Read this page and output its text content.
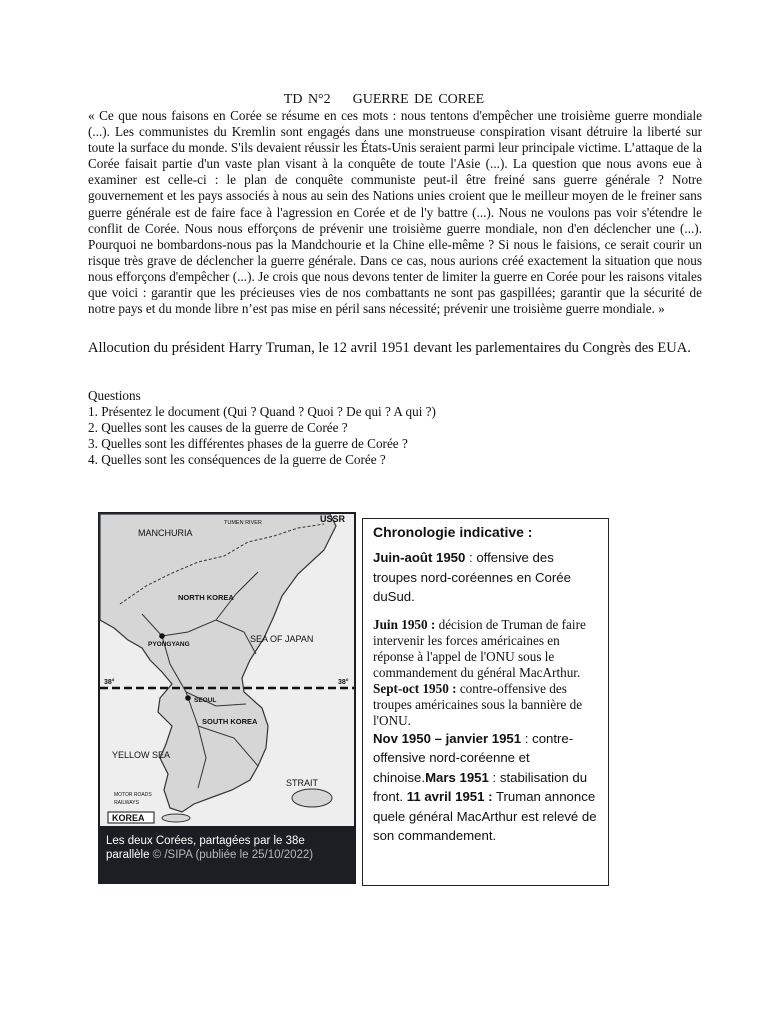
TD N°2    GUERRE DE COREE

« Ce que nous faisons en Corée se résume en ces mots : nous tentons d'empêcher une troisième guerre mondiale (...). Les communistes du Kremlin sont engagés dans une monstrueuse conspiration visant détruire la liberté sur toute la surface du monde. S'ils devaient réussir les États-Unis seraient parmi leur principale victime. L’attaque de la Corée faisait partie d'un vaste plan visant à la conquête de toute l'Asie (...). La question que nous avons eue à examiner est celle-ci : le plan de conquête communiste peut-il être freiné sans guerre générale ? Notre gouvernement et les pays associés à nous au sein des Nations unies croient que le meilleur moyen de le freiner sans guerre générale est de faire face à l'agression en Corée et de l'y battre (...). Nous ne voulons pas voir s'étendre le conflit de Corée. Nous nous efforçons de prévenir une troisième guerre mondiale, non d'en déclencher une (...). Pourquoi ne bombardons-nous pas la Mandchourie et la Chine elle-même ? Si nous le faisions, ce serait courir un risque très grave de déclencher la guerre générale. Dans ce cas, nous aurions créé exactement la situation que nous nous efforçons d'empêcher (...). Je crois que nous devons tenter de limiter la guerre en Corée pour les raisons vitales que voici : garantir que les précieuses vies de nos combattants ne sont pas gaspillées; garantir que la sécurité de notre pays et du monde libre n’est pas mise en péril sans nécessité; prévenir une troisième guerre mondiale. »

Allocution du président Harry Truman, le 12 avril 1951 devant les parlementaires du Congrès des EUA.

Questions
1. Présentez le document (Qui ? Quand ? Quoi ? De qui ? A qui ?)
2. Quelles sont les causes de la guerre de Corée ?
3. Quelles sont les différentes phases de la guerre de Corée ?
4. Quelles sont les conséquences de la guerre de Corée ?
MANCHURIA
TUMEN RIVER	USSR
NORTH KOREA
PYONGYANG
SEA OF JAPAN
38°	38°
SEOUL
SOUTH KOREA
YELLOW SEA
STRAIT
MOTOR ROADS
RAILWAYS
KOREA
Les deux Corées, partagées par le 38e parallèle © /SIPA (publiée le 25/10/2022)
Chronologie indicative :

Juin-août 1950 : offensive des troupes nord-coréennes en Corée duSud.

Juin 1950 : décision de Truman de faire intervenir les forces américaines en réponse à l'appel de l'ONU sous le commandement du général MacArthur.

Sept-oct 1950 : contre-offensive des troupes américaines sous la bannière de l'ONU.

Nov 1950 – janvier 1951 : contre-offensive nord-coréenne et chinoise.Mars 1951 : stabilisation du front. 11 avril 1951 : Truman annonce quele général MacArthur est relevé de son commandement.
